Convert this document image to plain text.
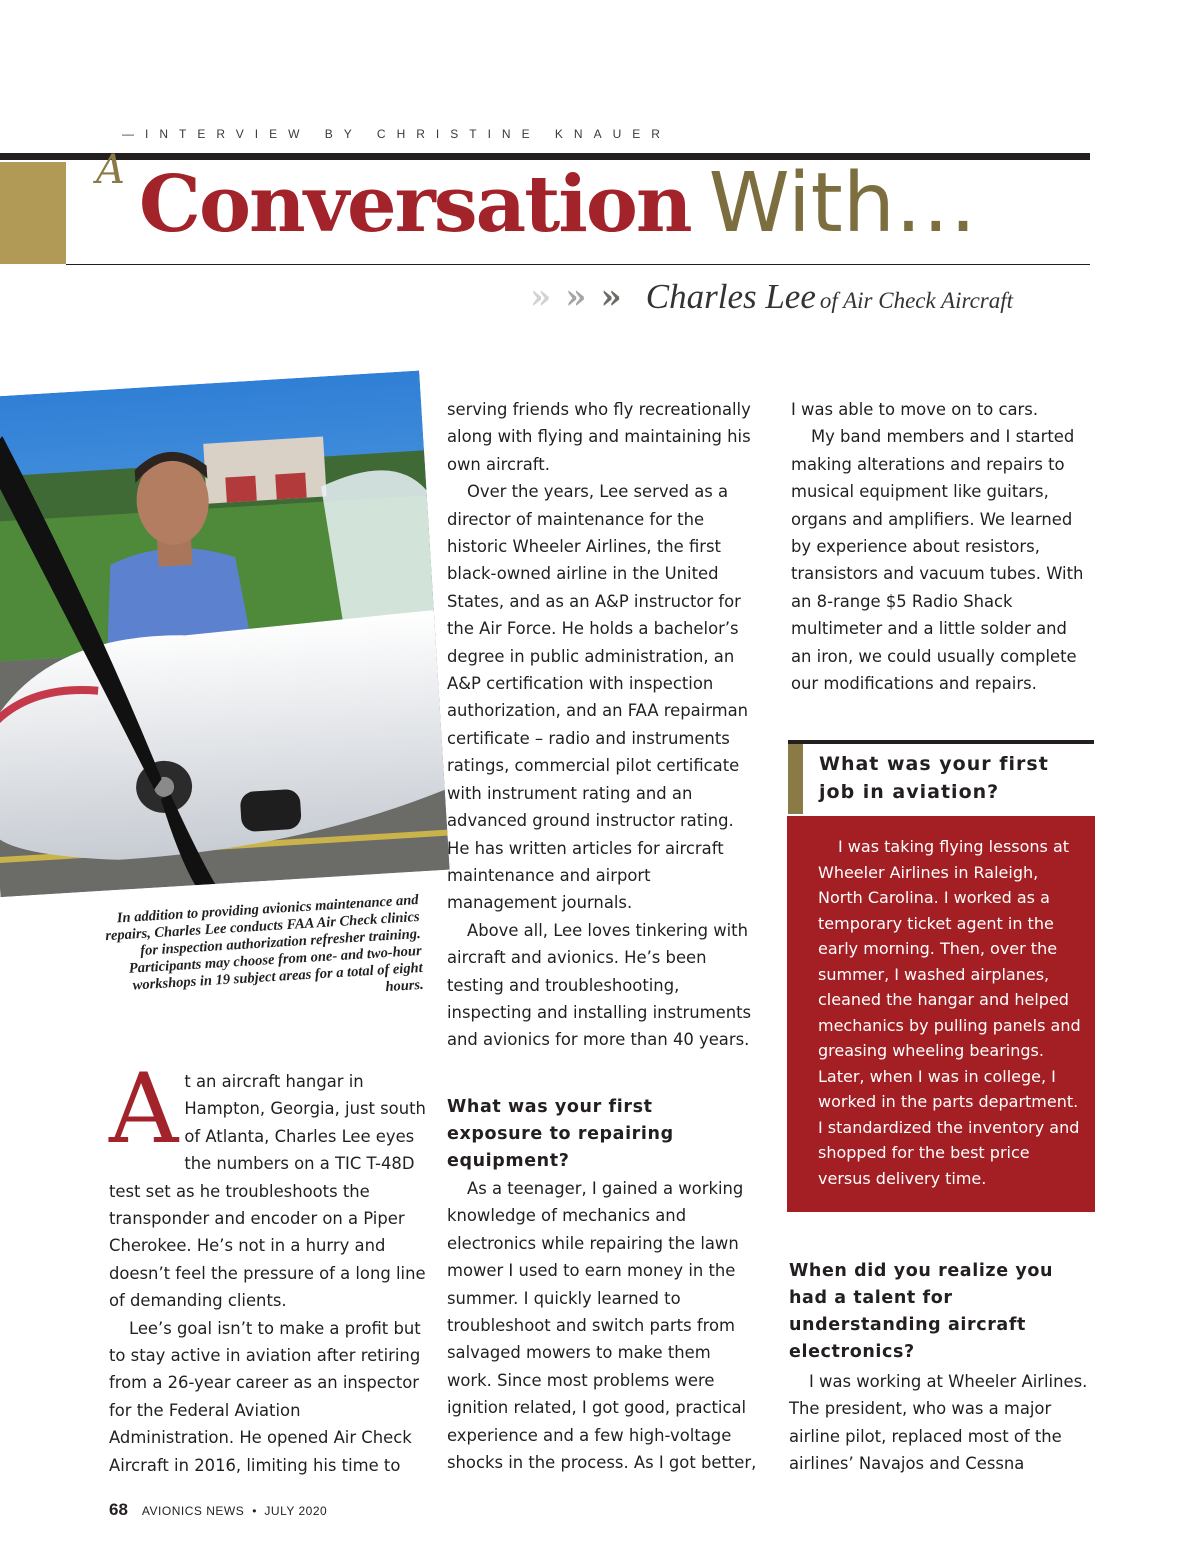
—INTERVIEW BY CHRISTINE KNAUER
A Conversation With…
» » » Charles Lee of Air Check Aircraft
In addition to providing avionics maintenance and repairs, Charles Lee conducts FAA Air Check clinics for inspection authorization refresher training. Participants may choose from one- and two-hour workshops in 19 subject areas for a total of eight hours.

At an aircraft hangar in Hampton, Georgia, just south of Atlanta, Charles Lee eyes the numbers on a TIC T-48D test set as he troubleshoots the transponder and encoder on a Piper Cherokee. He’s not in a hurry and doesn’t feel the pressure of a long line of demanding clients.

Lee’s goal isn’t to make a profit but to stay active in aviation after retiring from a 26-year career as an inspector for the Federal Aviation Administration. He opened Air Check Aircraft in 2016, limiting his time to

serving friends who fly recreationally along with flying and maintaining his own aircraft.

Over the years, Lee served as a director of maintenance for the historic Wheeler Airlines, the first black-owned airline in the United States, and as an A&P instructor for the Air Force. He holds a bachelor’s degree in public administration, an A&P certification with inspection authorization, and an FAA repairman certificate – radio and instruments ratings, commercial pilot certificate with instrument rating and an advanced ground instructor rating. He has written articles for aircraft maintenance and airport management journals.

Above all, Lee loves tinkering with aircraft and avionics. He’s been testing and troubleshooting, inspecting and installing instruments and avionics for more than 40 years.

What was your first exposure to repairing equipment?

As a teenager, I gained a working knowledge of mechanics and electronics while repairing the lawn mower I used to earn money in the summer. I quickly learned to troubleshoot and switch parts from salvaged mowers to make them work. Since most problems were ignition related, I got good, practical experience and a few high-voltage shocks in the process. As I got better,

I was able to move on to cars.

My band members and I started making alterations and repairs to musical equipment like guitars, organs and amplifiers. We learned by experience about resistors, transistors and vacuum tubes. With an 8-range $5 Radio Shack multimeter and a little solder and an iron, we could usually complete our modifications and repairs.

What was your first job in aviation?

I was taking flying lessons at Wheeler Airlines in Raleigh, North Carolina. I worked as a temporary ticket agent in the early morning. Then, over the summer, I washed airplanes, cleaned the hangar and helped mechanics by pulling panels and greasing wheeling bearings. Later, when I was in college, I worked in the parts department. I standardized the inventory and shopped for the best price versus delivery time.

When did you realize you had a talent for understanding aircraft electronics?

I was working at Wheeler Airlines. The president, who was a major airline pilot, replaced most of the airlines’ Navajos and Cessna

68 AVIONICS NEWS • JULY 2020
